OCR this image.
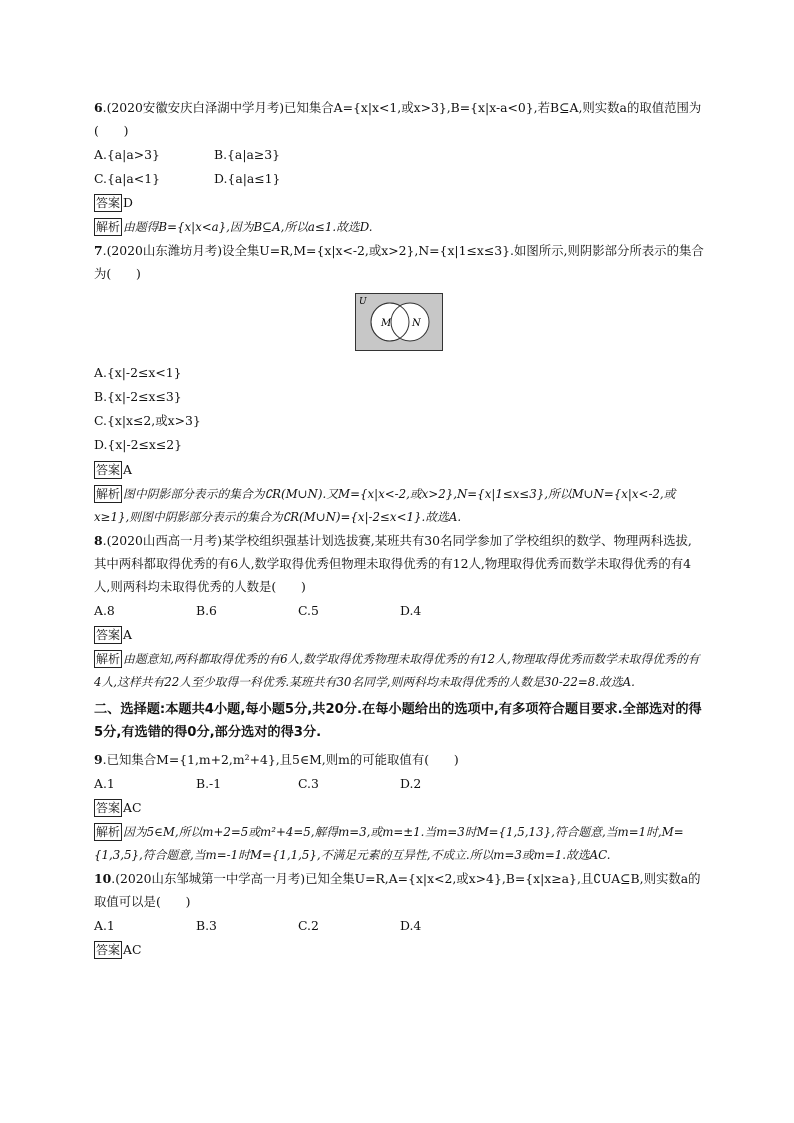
6.(2020安徽安庆白泽湖中学月考)已知集合A={x|x<1,或x>3},B={x|x-a<0},若B⊆A,则实数a的取值范围为(　　)

A.{a|a>3}	B.{a|a≥3}
C.{a|a<1}	D.{a|a≤1}

答案 D

解析 由题得B={x|x<a},因为B⊆A,所以a≤1.故选D.

7.(2020山东潍坊月考)设全集U=R,M={x|x<-2,或x>2},N={x|1≤x≤3}.如图所示,则阴影部分所表示的集合为(　　)

U
M N

A.{x|-2≤x<1}

B.{x|-2≤x≤3}

C.{x|x≤2,或x>3}

D.{x|-2≤x≤2}

答案 A

解析 图中阴影部分表示的集合为∁R(M∪N).又M={x|x<-2,或x>2},N={x|1≤x≤3},所以M∪N={x|x<-2,或x≥1},则图中阴影部分表示的集合为∁R(M∪N)={x|-2≤x<1}.故选A.

8.(2020山西高一月考)某学校组织强基计划选拔赛,某班共有30名同学参加了学校组织的数学、物理两科选拔,其中两科都取得优秀的有6人,数学取得优秀但物理未取得优秀的有12人,物理取得优秀而数学未取得优秀的有4人,则两科均未取得优秀的人数是(　　)

A.8	B.6	C.5	D.4

答案 A

解析 由题意知,两科都取得优秀的有6人,数学取得优秀物理未取得优秀的有12人,物理取得优秀而数学未取得优秀的有4人,这样共有22人至少取得一科优秀.某班共有30名同学,则两科均未取得优秀的人数是30-22=8.故选A.

二、选择题:本题共4小题,每小题5分,共20分.在每小题给出的选项中,有多项符合题目要求.全部选对的得5分,有选错的得0分,部分选对的得3分.

9.已知集合M={1,m+2,m²+4},且5∈M,则m的可能取值有(　　)

A.1	B.-1	C.3	D.2

答案 AC

解析 因为5∈M,所以m+2=5或m²+4=5,解得m=3,或m=±1.当m=3时M={1,5,13},符合题意,当m=1时,M={1,3,5},符合题意,当m=-1时M={1,1,5},不满足元素的互异性,不成立.所以m=3或m=1.故选AC.

10.(2020山东邹城第一中学高一月考)已知全集U=R,A={x|x<2,或x>4},B={x|x≥a},且∁UA⊆B,则实数a的取值可以是(　　)

A.1	B.3	C.2	D.4

答案 AC
